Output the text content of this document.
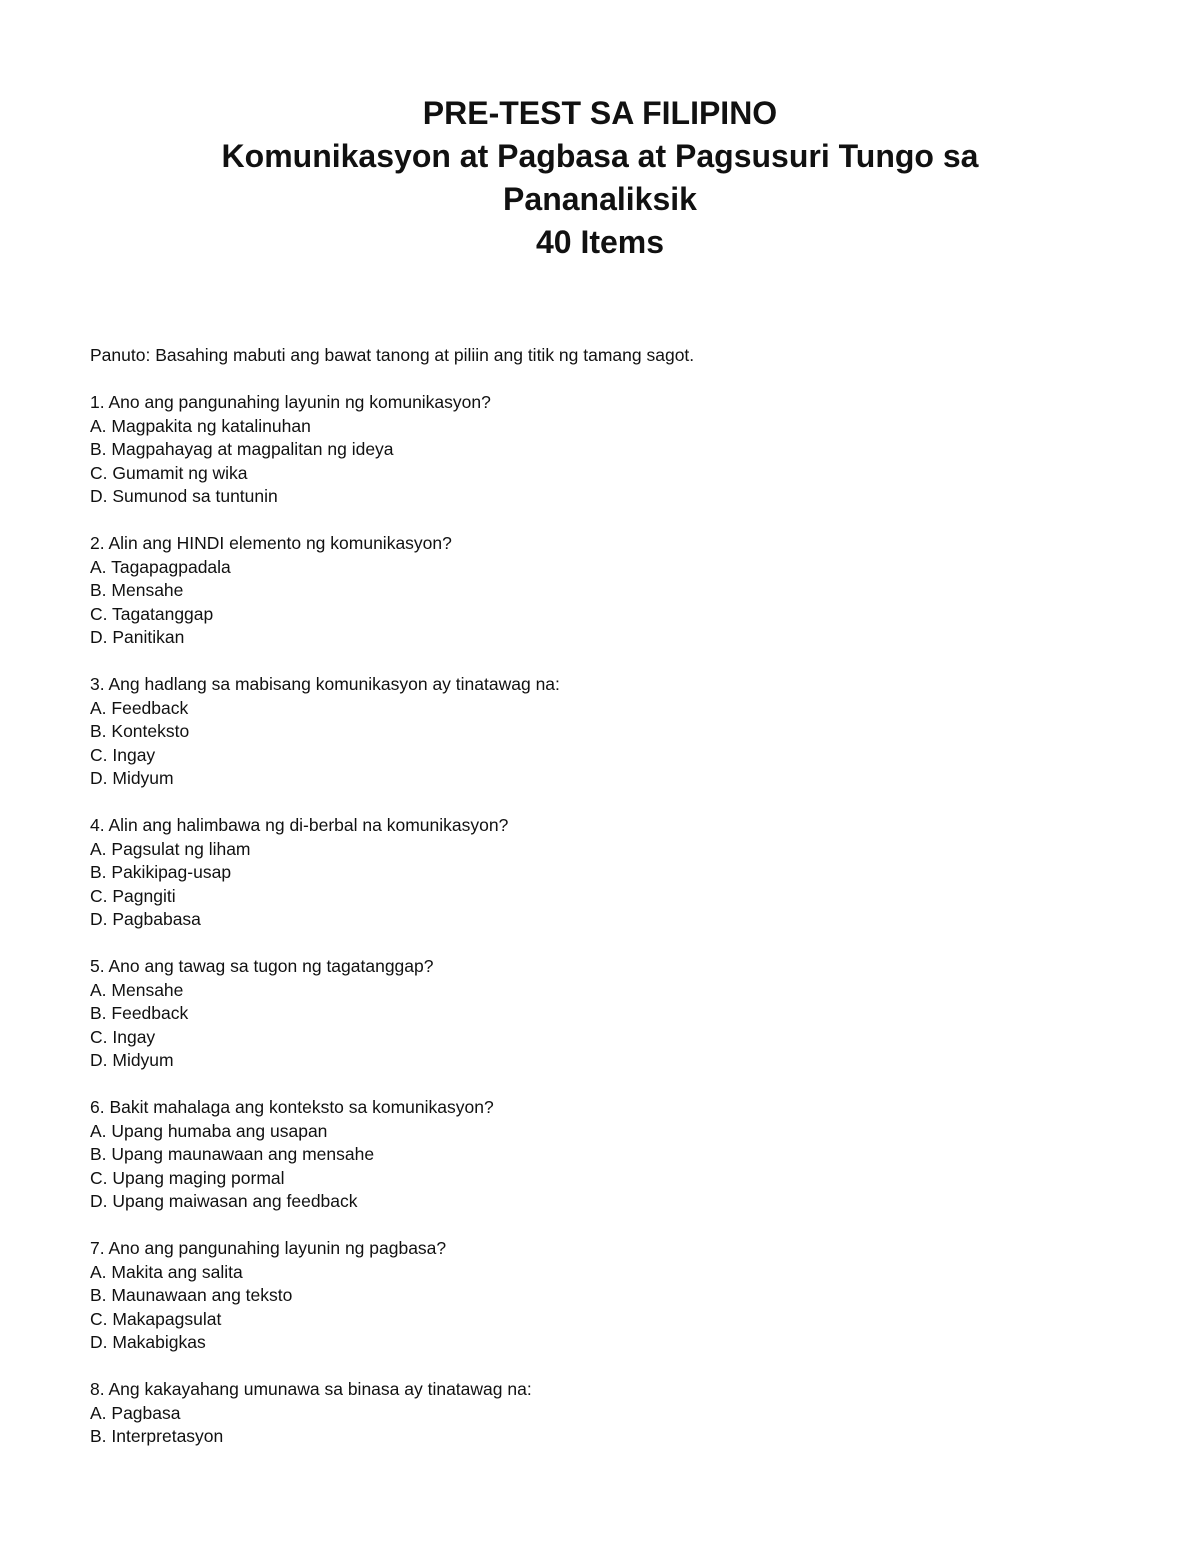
PRE-TEST SA FILIPINO
Komunikasyon at Pagbasa at Pagsusuri Tungo sa
Pananaliksik
40 Items
Panuto: Basahing mabuti ang bawat tanong at piliin ang titik ng tamang sagot.
1. Ano ang pangunahing layunin ng komunikasyon?
A. Magpakita ng katalinuhan
B. Magpahayag at magpalitan ng ideya
C. Gumamit ng wika
D. Sumunod sa tuntunin
2. Alin ang HINDI elemento ng komunikasyon?
A. Tagapagpadala
B. Mensahe
C. Tagatanggap
D. Panitikan
3. Ang hadlang sa mabisang komunikasyon ay tinatawag na:
A. Feedback
B. Konteksto
C. Ingay
D. Midyum
4. Alin ang halimbawa ng di-berbal na komunikasyon?
A. Pagsulat ng liham
B. Pakikipag-usap
C. Pagngiti
D. Pagbabasa
5. Ano ang tawag sa tugon ng tagatanggap?
A. Mensahe
B. Feedback
C. Ingay
D. Midyum
6. Bakit mahalaga ang konteksto sa komunikasyon?
A. Upang humaba ang usapan
B. Upang maunawaan ang mensahe
C. Upang maging pormal
D. Upang maiwasan ang feedback
7. Ano ang pangunahing layunin ng pagbasa?
A. Makita ang salita
B. Maunawaan ang teksto
C. Makapagsulat
D. Makabigkas
8. Ang kakayahang umunawa sa binasa ay tinatawag na:
A. Pagbasa
B. Interpretasyon
